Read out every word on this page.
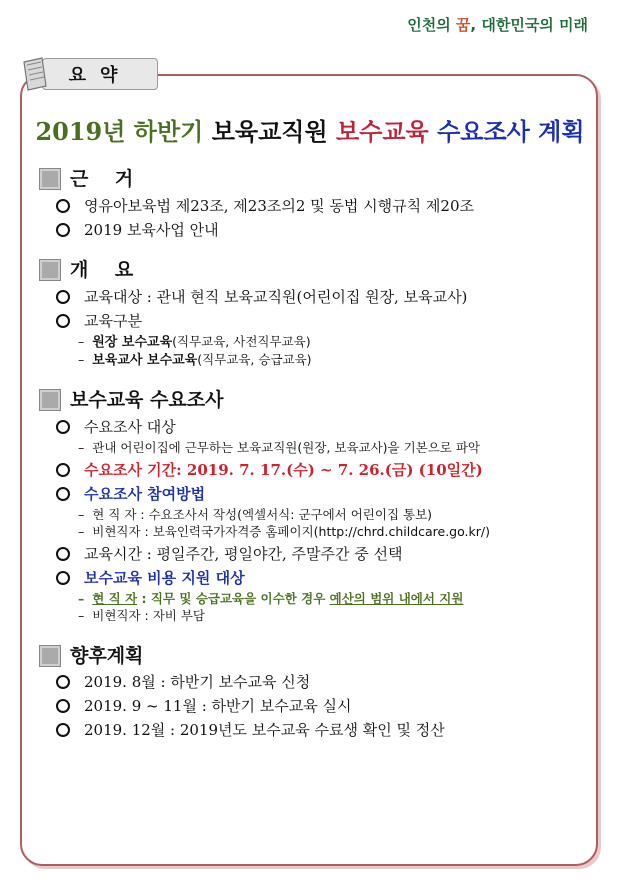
인천의 꿈, 대한민국의 미래
요약
2019년 하반기 보육교직원 보수교육 수요조사 계획
근    거
영유아보육법 제23조, 제23조의2 및 동법 시행규칙 제20조
2019 보육사업 안내
개    요
교육대상 : 관내 현직 보육교직원(어린이집 원장, 보육교사)
교육구분
– 원장 보수교육(직무교육, 사전직무교육)
– 보육교사 보수교육(직무교육, 승급교육)
보수교육 수요조사
수요조사 대상
– 관내 어린이집에 근무하는 보육교직원(원장, 보육교사)을 기본으로 파악
수요조사 기간 : 2019. 7. 17.(수) ~ 7. 26.(금) (10일간)
수요조사 참여방법
– 현 직 자 : 수요조사서 작성(엑셀서식: 군구에서 어린이집 통보)
– 비현직자 : 보육인력국가자격증 홈페이지(http://chrd.childcare.go.kr/)
교육시간 : 평일주간, 평일야간, 주말주간 중 선택
보수교육 비용 지원 대상
– 현 직 자 : 직무 및 승급교육을 이수한 경우 예산의 범위 내에서 지원
– 비현직자 : 자비 부담
향후계획
2019. 8월 : 하반기 보수교육 신청
2019. 9 ~ 11월 : 하반기 보수교육 실시
2019. 12월 : 2019년도 보수교육 수료생 확인 및 정산
